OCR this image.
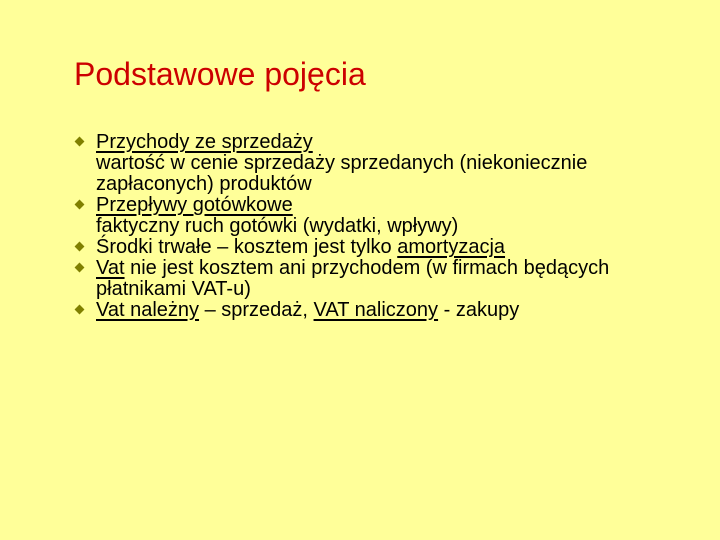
Podstawowe pojęcia
Przychody ze sprzedaży
wartość w cenie sprzedaży sprzedanych (niekoniecznie zapłaconych) produktów
Przepływy gotówkowe
faktyczny ruch gotówki (wydatki, wpływy)
Środki trwałe – kosztem jest tylko amortyzacja
Vat nie jest kosztem ani przychodem (w firmach będących płatnikami VAT-u)
Vat należny – sprzedaż, VAT naliczony - zakupy
